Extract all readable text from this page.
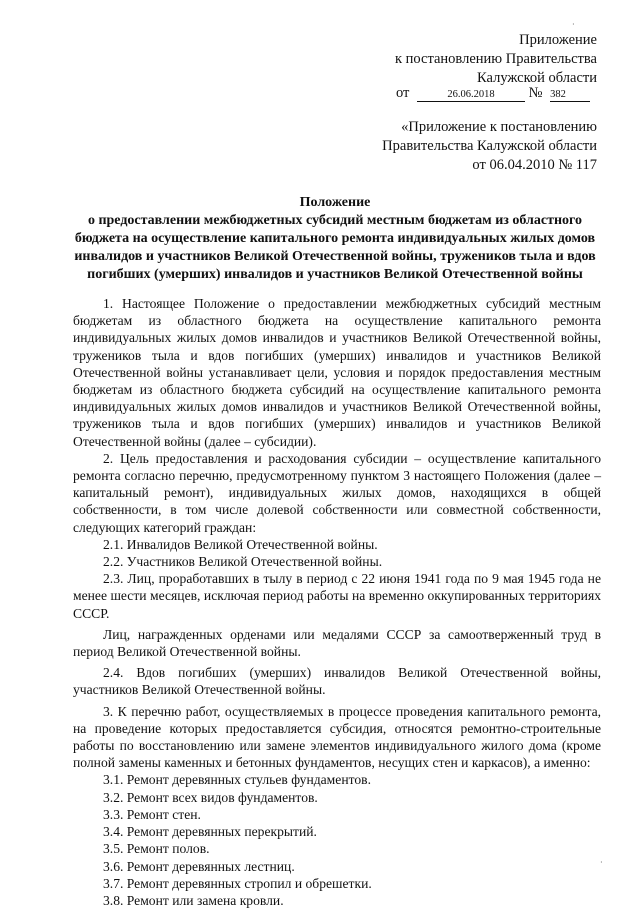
Приложение
к постановлению Правительства
Калужской области
от	26.06.2018 № 382
«Приложение к постановлению
Правительства Калужской области
от 06.04.2010 № 117
Положение
о предоставлении межбюджетных субсидий местным бюджетам из областного
бюджета на осуществление капитального ремонта индивидуальных жилых домов
инвалидов и участников Великой Отечественной войны, тружеников тыла и вдов
погибших (умерших) инвалидов и участников Великой Отечественной войны

1. Настоящее Положение о предоставлении межбюджетных субсидий местным бюджетам из областного бюджета на осуществление капитального ремонта индивидуальных жилых домов инвалидов и участников Великой Отечественной войны, тружеников тыла и вдов погибших (умерших) инвалидов и участников Великой Отечественной войны устанавливает цели, условия и порядок предоставления местным бюджетам из областного бюджета субсидий на осуществление капитального ремонта индивидуальных жилых домов инвалидов и участников Великой Отечественной войны, тружеников тыла и вдов погибших (умерших) инвалидов и участников Великой Отечественной войны (далее – субсидии).

2. Цель предоставления и расходования субсидии – осуществление капитального ремонта согласно перечню, предусмотренному пунктом 3 настоящего Положения (далее – капитальный ремонт), индивидуальных жилых домов, находящихся в общей собственности, в том числе долевой собственности или совместной собственности, следующих категорий граждан:

2.1. Инвалидов Великой Отечественной войны.

2.2. Участников Великой Отечественной войны.

2.3. Лиц, проработавших в тылу в период с 22 июня 1941 года по 9 мая 1945 года не менее шести месяцев, исключая период работы на временно оккупированных территориях СССР.

Лиц, награжденных орденами или медалями СССР за самоотверженный труд в период Великой Отечественной войны.

2.4. Вдов погибших (умерших) инвалидов Великой Отечественной войны, участников Великой Отечественной войны.

3. К перечню работ, осуществляемых в процессе проведения капитального ремонта, на проведение которых предоставляется субсидия, относятся ремонтно-строительные работы по восстановлению или замене элементов индивидуального жилого дома (кроме полной замены каменных и бетонных фундаментов, несущих стен и каркасов), а именно:

3.1. Ремонт деревянных стульев фундаментов.

3.2. Ремонт всех видов фундаментов.

3.3. Ремонт стен.

3.4. Ремонт деревянных перекрытий.

3.5. Ремонт полов.

3.6. Ремонт деревянных лестниц.

3.7. Ремонт деревянных стропил и обрешетки.

3.8. Ремонт или замена кровли.

·
·
